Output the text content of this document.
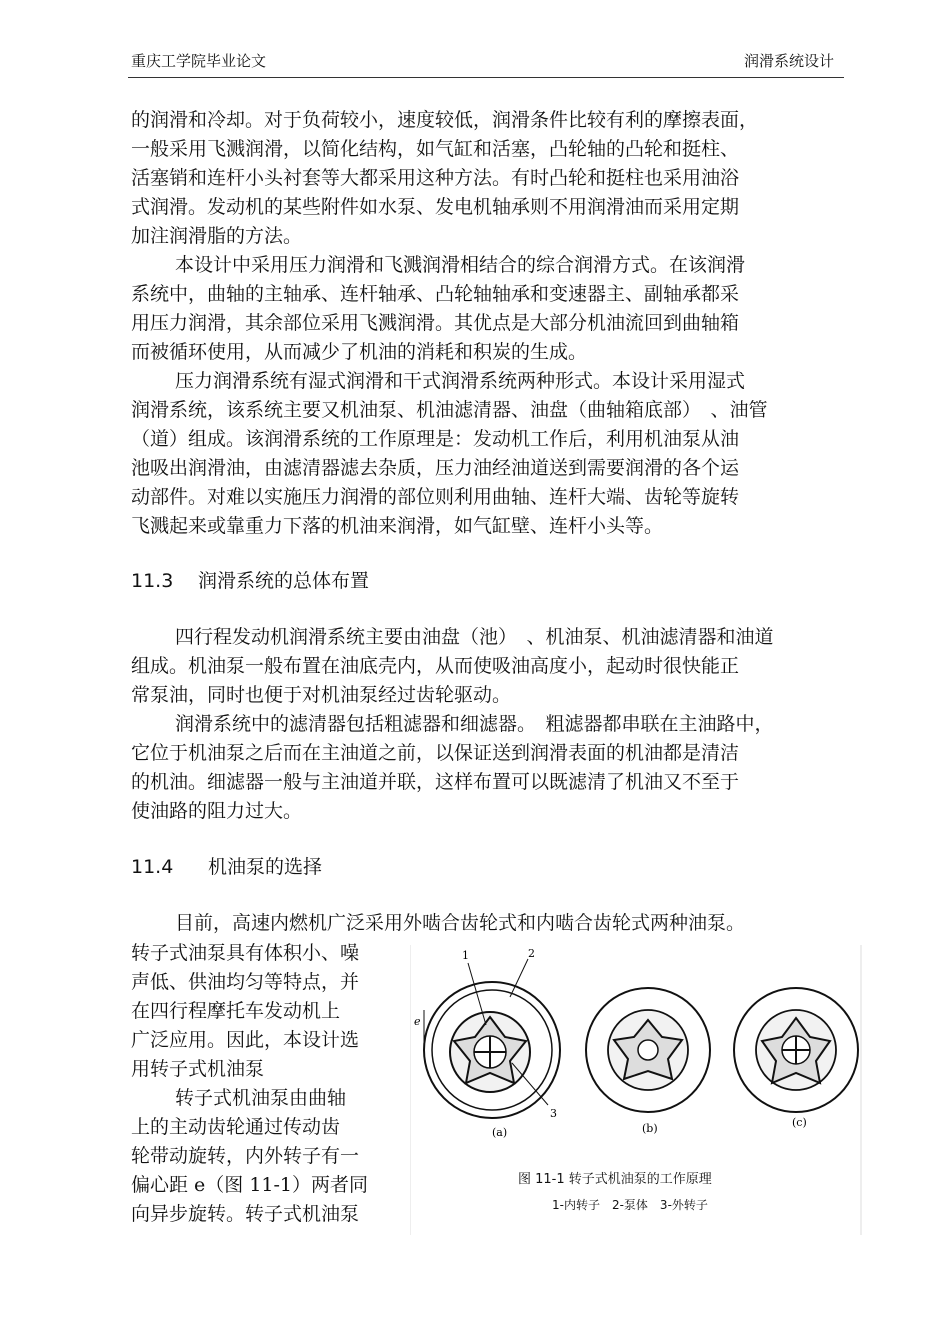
重庆工学院毕业论文	润滑系统设计
的润滑和冷却。对于负荷较小，速度较低，润滑条件比较有利的摩擦表面，
一般采用飞溅润滑，以简化结构，如气缸和活塞，凸轮轴的凸轮和挺柱、
活塞销和连杆小头衬套等大都采用这种方法。有时凸轮和挺柱也采用油浴
式润滑。发动机的某些附件如水泵、发电机轴承则不用润滑油而采用定期
加注润滑脂的方法。
本设计中采用压力润滑和飞溅润滑相结合的综合润滑方式。在该润滑
系统中，曲轴的主轴承、连杆轴承、凸轮轴轴承和变速器主、副轴承都采
用压力润滑，其余部位采用飞溅润滑。其优点是大部分机油流回到曲轴箱
而被循环使用，从而减少了机油的消耗和积炭的生成。
压力润滑系统有湿式润滑和干式润滑系统两种形式。本设计采用湿式
润滑系统，该系统主要又机油泵、机油滤清器、油盘（曲轴箱底部）　、油管
（道）组成。该润滑系统的工作原理是：发动机工作后，利用机油泵从油
池吸出润滑油，由滤清器滤去杂质，压力油经油道送到需要润滑的各个运
动部件。对难以实施压力润滑的部位则利用曲轴、连杆大端、齿轮等旋转
飞溅起来或靠重力下落的机油来润滑，如气缸壁、连杆小头等。
11.3 润滑系统的总体布置
四行程发动机润滑系统主要由油盘（池）　、机油泵、机油滤清器和油道
组成。机油泵一般布置在油底壳内，从而使吸油高度小，起动时很快能正
常泵油，同时也便于对机油泵经过齿轮驱动。
润滑系统中的滤清器包括粗滤器和细滤器。　粗滤器都串联在主油路中，
它位于机油泵之后而在主油道之前，以保证送到润滑表面的机油都是清洁
的机油。细滤器一般与主油道并联，这样布置可以既滤清了机油又不至于
使油路的阻力过大。
11.4 机油泵的选择
目前，高速内燃机广泛采用外啮合齿轮式和内啮合齿轮式两种油泵。
转子式油泵具有体积小、噪
声低、供油均匀等特点，并
在四行程摩托车发动机上
广泛应用。因此，本设计选
用转子式机油泵
转子式机油泵由曲轴
上的主动齿轮通过传动齿
轮带动旋转，内外转子有一
偏心距 e（图 11-1）两者同
向异步旋转。转子式机油泵
1	2
3
e
(a)	(b)	(c)
图 11-1 转子式机油泵的工作原理
1-内转子　2-泵体　3-外转子
